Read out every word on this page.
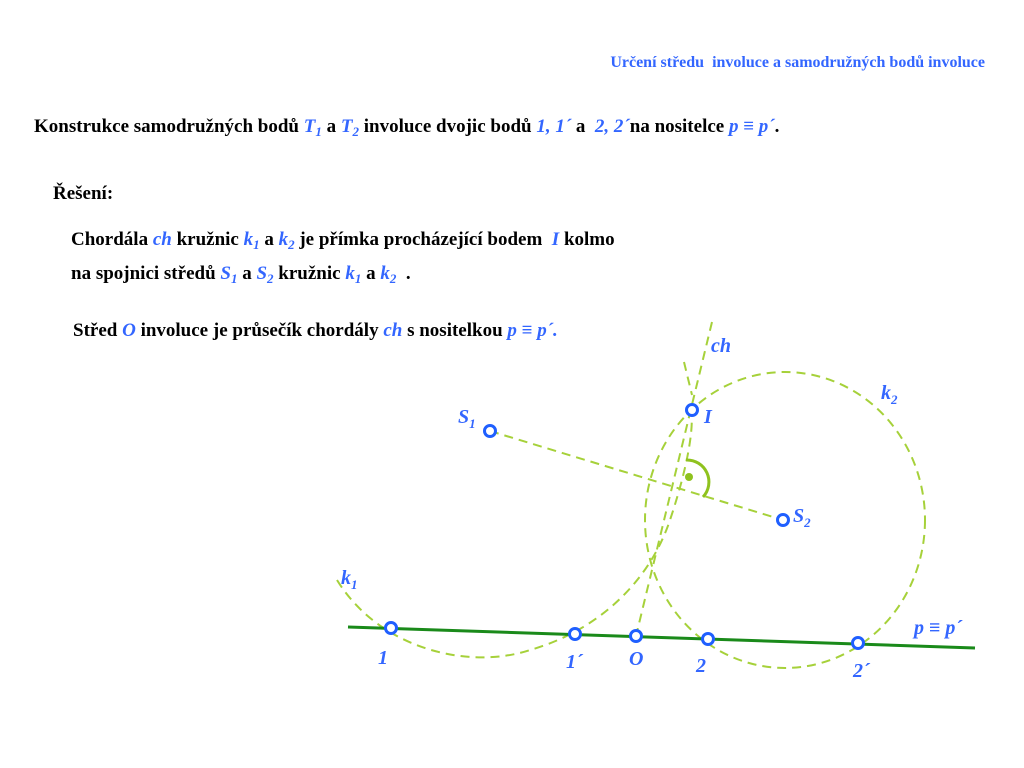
Určení středu  involuce a samodružných bodů involuce
Konstrukce samodružných bodů $T_1$ a $T_2$ involuce dvojic bodů 1, 1´ a  2, 2´na nositelce p ≡ p´.
Řešení:
Chordála ch kružnic $k_1$ a $k_2$ je přímka procházející bodem  I kolmo
na spojnici středů $S_1$ a $S_2$ kružnic $k_1$ a $k_2$  .
Střed O involuce je průsečík chordály ch s nositelkou p ≡ p´.
ch
$k_2$
$k_1$
$S_1$
$S_2$
I
p ≡ p´
1	1´ O	2	2´
